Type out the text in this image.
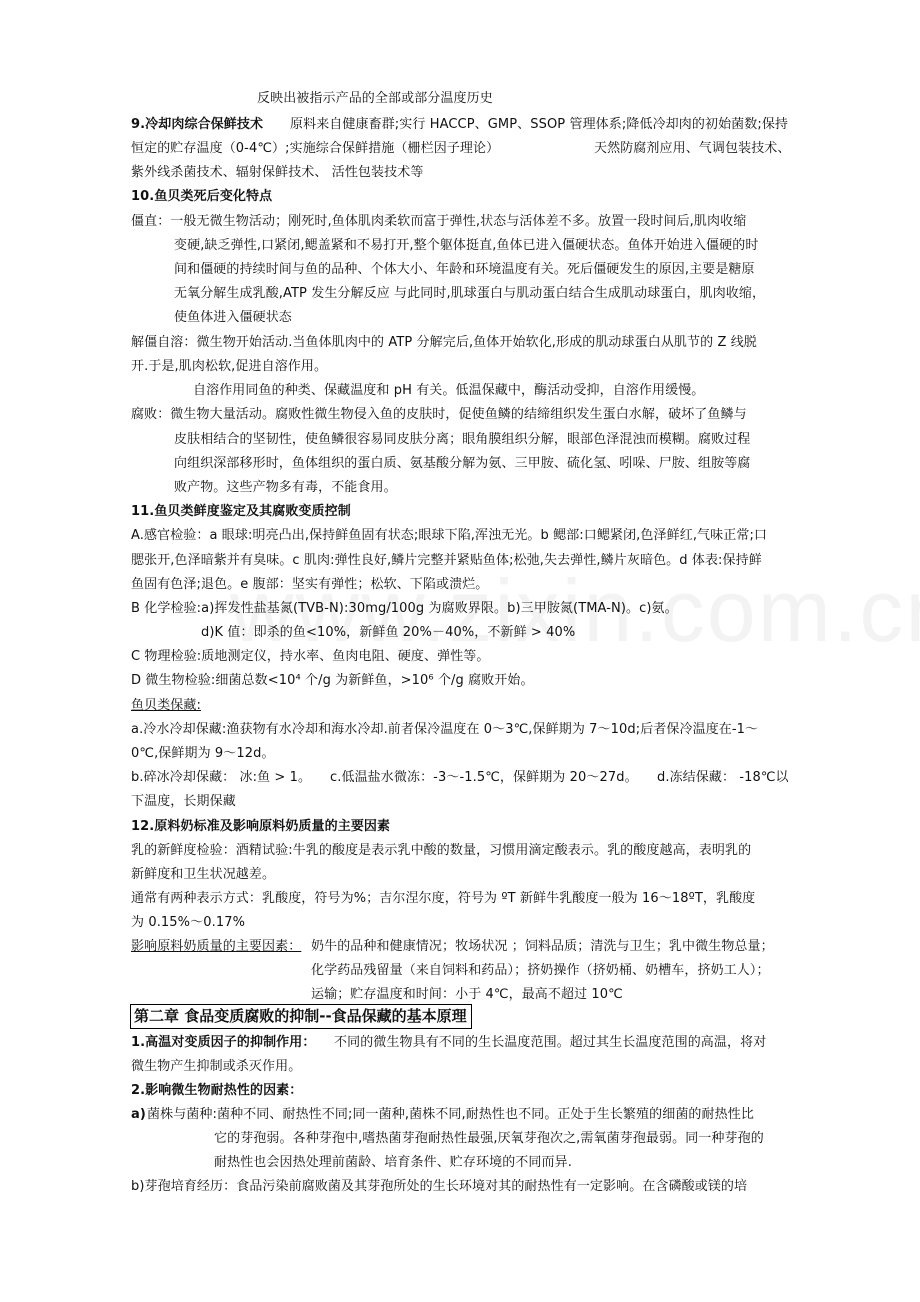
反映出被指示产品的全部或部分温度历史
9.冷却肉综合保鲜技术 原料来自健康畜群;实行 HACCP、GMP、SSOP 管理体系;降低冷却肉的初始菌数;保持
恒定的贮存温度（0-4℃）;实施综合保鲜措施（栅栏因子理论）	天然防腐剂应用、气调包装技术、
紫外线杀菌技术、辐射保鲜技术、 活性包装技术等
10.鱼贝类死后变化特点
僵直：一般无微生物活动；刚死时,鱼体肌肉柔软而富于弹性,状态与活体差不多。放置一段时间后,肌肉收缩
变硬,缺乏弹性,口紧闭,鳃盖紧和不易打开,整个躯体挺直,鱼体已进入僵硬状态。鱼体开始进入僵硬的时
间和僵硬的持续时间与鱼的品种、个体大小、年龄和环境温度有关。死后僵硬发生的原因,主要是糖原
无氧分解生成乳酸,ATP 发生分解反应 与此同时,肌球蛋白与肌动蛋白结合生成肌动球蛋白，肌肉收缩，
使鱼体进入僵硬状态
解僵自溶：微生物开始活动.当鱼体肌肉中的 ATP 分解完后,鱼体开始软化,形成的肌动球蛋白从肌节的 Z 线脱
开.于是,肌肉松软,促进自溶作用。
自溶作用同鱼的种类、保藏温度和 pH 有关。低温保藏中，酶活动受抑，自溶作用缓慢。
腐败：微生物大量活动。腐败性微生物侵入鱼的皮肤时，促使鱼鳞的结缔组织发生蛋白水解，破坏了鱼鳞与
皮肤相结合的坚韧性，使鱼鳞很容易同皮肤分离；眼角膜组织分解，眼部色泽混浊而模糊。腐败过程
向组织深部移形时，鱼体组织的蛋白质、氨基酸分解为氨、三甲胺、硫化氢、吲哚、尸胺、组胺等腐
败产物。这些产物多有毒，不能食用。
11.鱼贝类鲜度鉴定及其腐败变质控制
A.感官检验：a 眼球:明亮凸出,保持鲜鱼固有状态;眼球下陷,浑浊无光。b 鳃部:口鳃紧闭,色泽鲜红,气味正常;口
腮张开,色泽暗紫并有臭味。c 肌肉:弹性良好,鳞片完整并紧贴鱼体;松弛,失去弹性,鳞片灰暗色。d 体表:保持鲜
鱼固有色泽;退色。e 腹部：坚实有弹性；松软、下陷或溃烂。
B 化学检验:a)挥发性盐基氮(TVB-N):30mg/100g 为腐败界限。b)三甲胺氮(TMA-N)。c)氨。
d)K 值：即杀的鱼<10%，新鲜鱼 20%－40%，不新鲜 > 40%
C 物理检验:质地测定仪，持水率、鱼肉电阻、硬度、弹性等。
D 微生物检验:细菌总数<10⁴ 个/g 为新鲜鱼，>10⁶ 个/g 腐败开始。
鱼贝类保藏:
a.冷水冷却保藏:渔获物有水冷却和海水冷却.前者保冷温度在 0～3℃,保鲜期为 7～10d;后者保冷温度在-1～
0℃,保鲜期为 9～12d。
b.碎冰冷却保藏： 冰:鱼 > 1。 c.低温盐水微冻：-3～-1.5℃，保鲜期为 20～27d。 d.冻结保藏： -18℃以
下温度，长期保藏
12.原料奶标准及影响原料奶质量的主要因素
乳的新鲜度检验：酒精试验:牛乳的酸度是表示乳中酸的数量，习惯用滴定酸表示。乳的酸度越高，表明乳的
新鲜度和卫生状况越差。
通常有两种表示方式：乳酸度，符号为%；吉尔涅尔度，符号为 ºT 新鲜牛乳酸度一般为 16～18ºT，乳酸度
为 0.15%～0.17%
影响原料奶质量的主要因素： 奶牛的品种和健康情况；牧场状况 ；饲料品质；清洗与卫生；乳中微生物总量；
化学药品残留量（来自饲料和药品）；挤奶操作（挤奶桶、奶槽车，挤奶工人）；
运输；贮存温度和时间：小于 4℃，最高不超过 10℃
第二章 食品变质腐败的抑制--食品保藏的基本原理
1.高温对变质因子的抑制作用： 不同的微生物具有不同的生长温度范围。超过其生长温度范围的高温，将对
微生物产生抑制或杀灭作用。
2.影响微生物耐热性的因素：
a) 菌株与菌种:菌种不同、耐热性不同;同一菌种,菌株不同,耐热性也不同。正处于生长繁殖的细菌的耐热性比
它的芽孢弱。各种芽孢中,嗜热菌芽孢耐热性最强,厌氧芽孢次之,需氧菌芽孢最弱。同一种芽孢的
耐热性也会因热处理前菌龄、培育条件、贮存环境的不同而异.
b)芽孢培育经历：食品污染前腐败菌及其芽孢所处的生长环境对其的耐热性有一定影响。在含磷酸或镁的培
